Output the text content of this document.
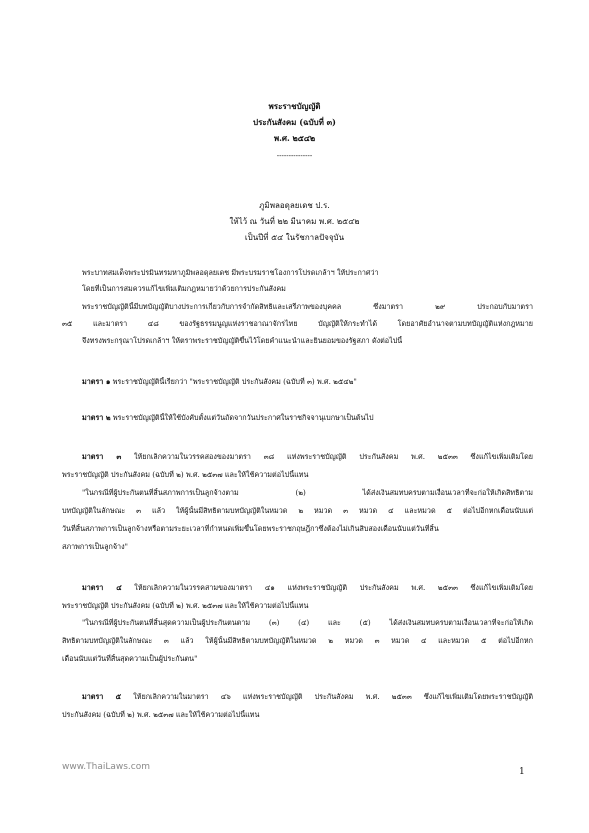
พระราชบัญญัติ
ประกันสังคม (ฉบับที่ ๓)
พ.ศ. ๒๕๔๒
---------------
ภูมิพลอดุลยเดช ป.ร.
ให้ไว้ ณ วันที่ ๒๒ มีนาคม พ.ศ. ๒๕๔๒
เป็นปีที่ ๕๔ ในรัชกาลปัจจุบัน
พระบาทสมเด็จพระปรมินทรมหาภูมิพลอดุลยเดช มีพระบรมราชโองการโปรดเกล้าฯ ให้ประกาศว่า
โดยที่เป็นการสมควรแก้ไขเพิ่มเติมกฎหมายว่าด้วยการประกันสังคม
พระราชบัญญัตินี้มีบทบัญญัติบางประการเกี่ยวกับการจำกัดสิทธิและเสรีภาพของบุคคล ซึ่งมาตรา ๒๙ ประกอบกับมาตรา
๓๕ และมาตรา ๔๘ ของรัฐธรรมนูญแห่งราชอาณาจักรไทย บัญญัติให้กระทำได้ โดยอาศัยอำนาจตามบทบัญญัติแห่งกฎหมาย
จึงทรงพระกรุณาโปรดเกล้าฯ ให้ตราพระราชบัญญัติขึ้นไว้โดยคำแนะนำและยินยอมของรัฐสภา ดังต่อไปนี้
มาตรา ๑ พระราชบัญญัตินี้เรียกว่า "พระราชบัญญัติ ประกันสังคม (ฉบับที่ ๓) พ.ศ. ๒๕๔๒"
มาตรา ๒ พระราชบัญญัตินี้ให้ใช้บังคับตั้งแต่วันถัดจากวันประกาศในราชกิจจานุเบกษาเป็นต้นไป
มาตรา ๓ ให้ยกเลิกความในวรรคสองของมาตรา ๓๘ แห่งพระราชบัญญัติ ประกันสังคม พ.ศ. ๒๕๓๓ ซึ่งแก้ไขเพิ่มเติมโดย
พระราชบัญญัติ ประกันสังคม (ฉบับที่ ๒) พ.ศ. ๒๕๓๗ และให้ใช้ความต่อไปนี้แทน
"ในกรณีที่ผู้ประกันตนที่สิ้นสภาพการเป็นลูกจ้างตาม (๒) ได้ส่งเงินสมทบครบตามเงื่อนเวลาที่จะก่อให้เกิดสิทธิตาม
บทบัญญัติในลักษณะ ๓ แล้ว ให้ผู้นั้นมีสิทธิตามบทบัญญัติในหมวด ๒ หมวด ๓ หมวด ๔ และหมวด ๕ ต่อไปอีกหกเดือนนับแต่
วันที่สิ้นสภาพการเป็นลูกจ้างหรือตามระยะเวลาที่กำหนดเพิ่มขึ้นโดยพระราชกฤษฎีกาซึ่งต้องไม่เกินสิบสองเดือนนับแต่วันที่สิ้น
สภาพการเป็นลูกจ้าง"
มาตรา ๔ ให้ยกเลิกความในวรรคสามของมาตรา ๔๑ แห่งพระราชบัญญัติ ประกันสังคม พ.ศ. ๒๕๓๓ ซึ่งแก้ไขเพิ่มเติมโดย
พระราชบัญญัติ ประกันสังคม (ฉบับที่ ๒) พ.ศ. ๒๕๓๗ และให้ใช้ความต่อไปนี้แทน
"ในกรณีที่ผู้ประกันตนที่สิ้นสุดความเป็นผู้ประกันตนตาม (๓) (๔) และ (๕) ได้ส่งเงินสมทบครบตามเงื่อนเวลาที่จะก่อให้เกิด
สิทธิตามบทบัญญัติในลักษณะ ๓ แล้ว ให้ผู้นั้นมีสิทธิตามบทบัญญัติในหมวด ๒ หมวด ๓ หมวด ๔ และหมวด ๕ ต่อไปอีกหก
เดือนนับแต่วันที่สิ้นสุดความเป็นผู้ประกันตน"
มาตรา ๕ ให้ยกเลิกความในมาตรา ๔๖ แห่งพระราชบัญญัติ ประกันสังคม พ.ศ. ๒๕๓๓ ซึ่งแก้ไขเพิ่มเติมโดยพระราชบัญญัติ
ประกันสังคม (ฉบับที่ ๒) พ.ศ. ๒๕๓๗ และให้ใช้ความต่อไปนี้แทน
www.ThaiLaws.com	1
